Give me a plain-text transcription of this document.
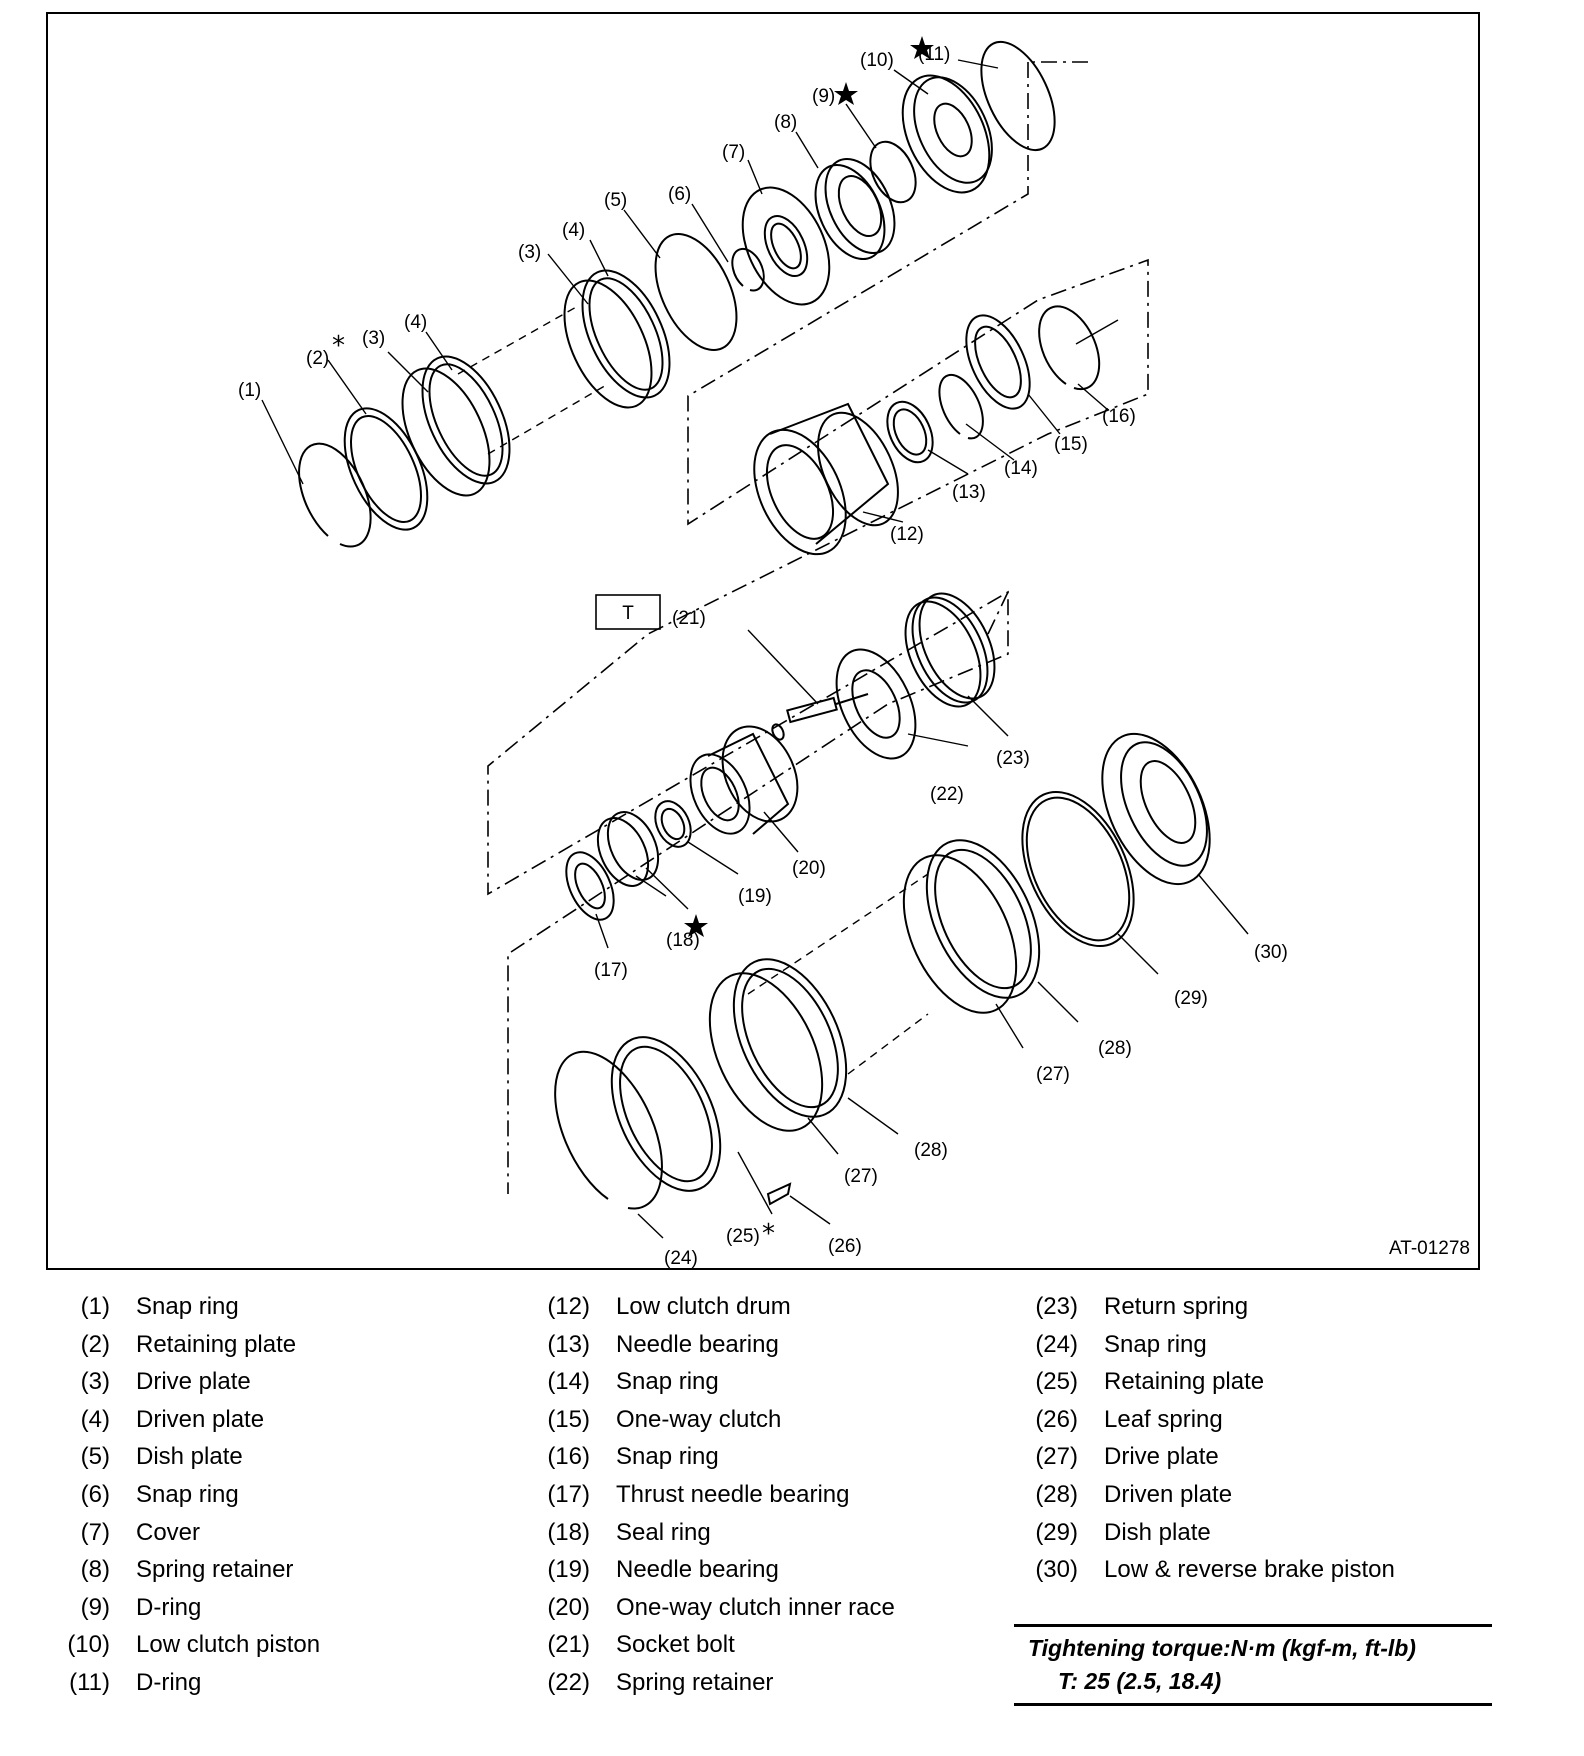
*
*
(1)
(2)
(3)
(4)
(3)
(4)
(5) (6)
(7)
(8)
(9)
(10) (11)
(12)
(13)
(14)
(15)
(16)
(21)
(22)
(23)
(20)
(19)
(18)
(17)
(30)
(29)
(28)
(27)
(28)
(27)
(24)
(25)	(26)
T
AT-01278
(1)	Snap ring
(2)	Retaining plate
(3)	Drive plate
(4)	Driven plate
(5)	Dish plate
(6)	Snap ring
(7)	Cover
(8)	Spring retainer
(9)	D-ring
(10)	Low clutch piston
(11)	D-ring
(12)	Low clutch drum
(13)	Needle bearing
(14)	Snap ring
(15)	One-way clutch
(16)	Snap ring
(17)	Thrust needle bearing
(18)	Seal ring
(19)	Needle bearing
(20)	One-way clutch inner race
(21)	Socket bolt
(22)	Spring retainer
(23)	Return spring
(24)	Snap ring
(25)	Retaining plate
(26)	Leaf spring
(27)	Drive plate
(28)	Driven plate
(29)	Dish plate
(30)	Low & reverse brake piston
Tightening torque:N·m (kgf-m, ft-lb)
T: 25 (2.5, 18.4)
